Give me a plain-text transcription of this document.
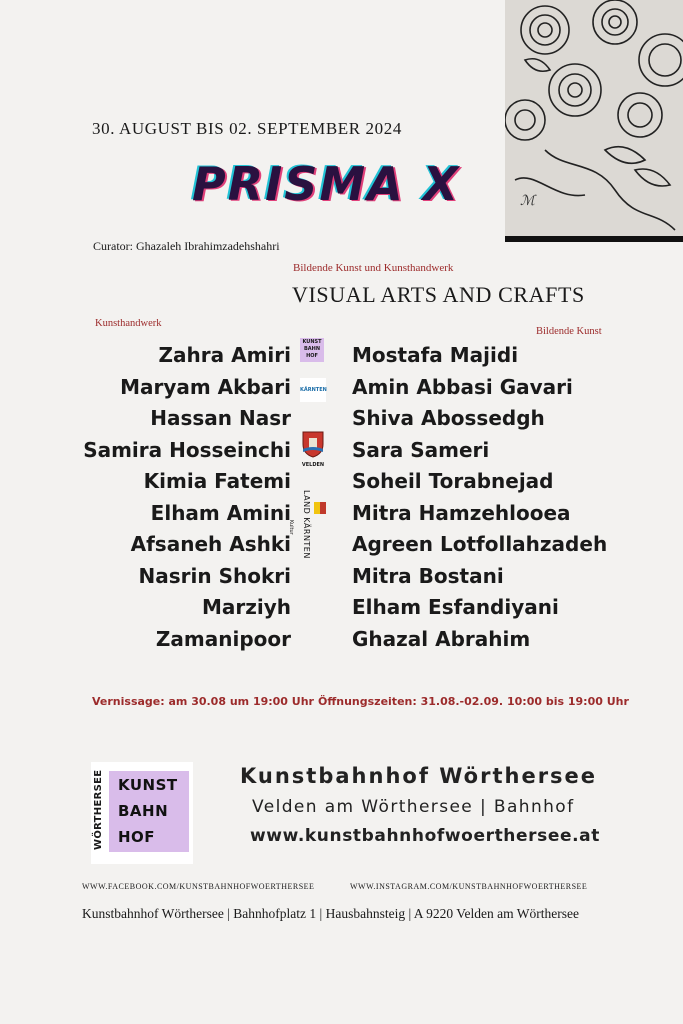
ℳ
30. AUGUST BIS 02. SEPTEMBER 2024
PRISMA X
Curator: Ghazaleh Ibrahimzadehshahri
Bildende Kunst und Kunsthandwerk
VISUAL ARTS AND CRAFTS
Kunsthandwerk
Bildende Kunst
Zahra Amiri
Maryam Akbari
Hassan Nasr
Samira Hosseinchi
Kimia Fatemi
Elham Amini
Afsaneh Ashki
Nasrin Shokri
Marziyh
Zamanipoor
Mostafa Majidi
Amin Abbasi Gavari
Shiva Abossedgh
Sara Sameri
Soheil Torabnejad
Mitra Hamzehlooea
Agreen Lotfollahzadeh
Mitra Bostani
Elham Esfandiyani
Ghazal Abrahim
KUNST BAHN HOF
KÄRNTEN
VELDEN
LAND KÄRNTEN
Kultur
Vernissage: am 30.08 um 19:00 Uhr Öffnungszeiten: 31.08.-02.09. 10:00 bis 19:00 Uhr
KUNST
BAHN
HOF
WÖRTHERSEE	Kunstbahnhof Wörthersee
Velden am Wörthersee | Bahnhof
www.kunstbahnhofwoerthersee.at
WWW.FACEBOOK.COM/KUNSTBAHNHOFWOERTHERSEE	WWW.INSTAGRAM.COM/KUNSTBAHNHOFWOERTHERSEE
Kunstbahnhof Wörthersee | Bahnhofplatz 1 | Hausbahnsteig | A 9220 Velden am Wörthersee
